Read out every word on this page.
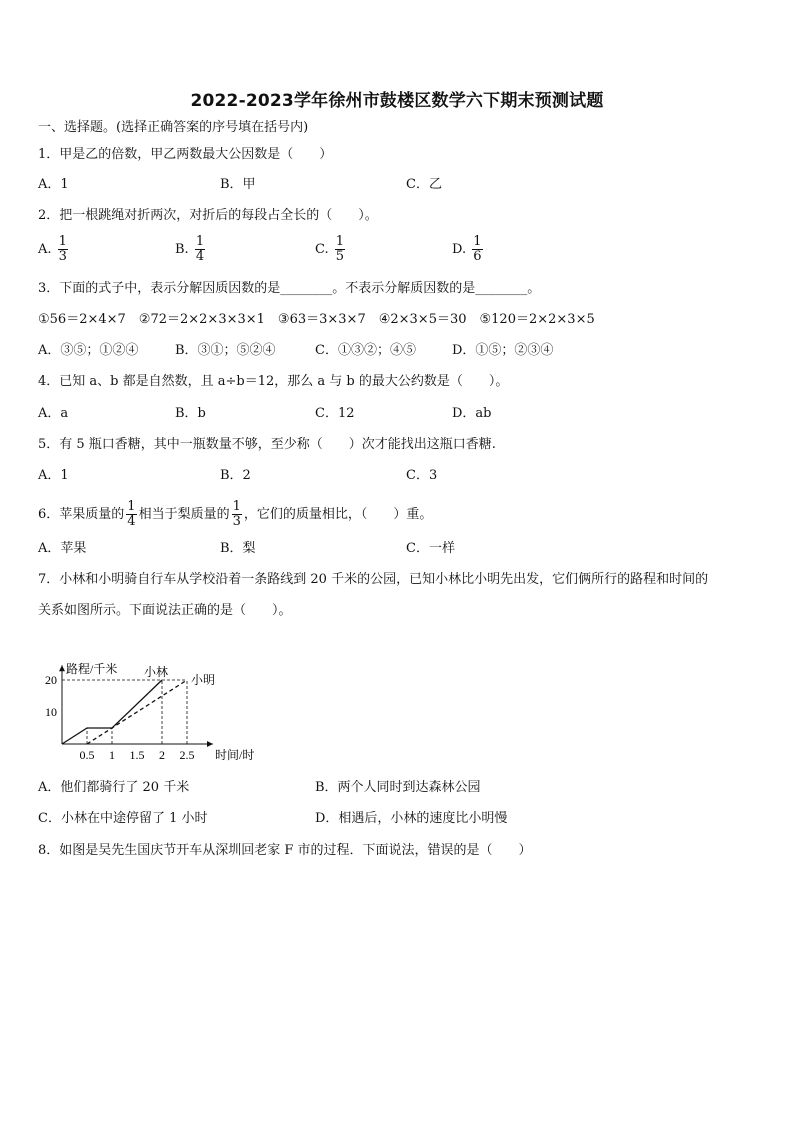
2022-2023学年徐州市鼓楼区数学六下期末预测试题
一、选择题。(选择正确答案的序号填在括号内)
1．甲是乙的倍数，甲乙两数最大公因数是（　　）
A．1	B．甲	C．乙
2．把一根跳绳对折两次，对折后的每段占全长的（　　）。
A. $\frac{1}{3}$	B. $\frac{1}{4}$	C. $\frac{1}{5}$	D. $\frac{1}{6}$
3．下面的式子中，表示分解因质因数的是________。不表示分解质因数的是________。
①56＝2×4×7　②72＝2×2×3×3×1　③63＝3×3×7　④2×3×5＝30　⑤120＝2×2×3×5
A．③⑤；①②④	B．③①；⑤②④	C．①③②；④⑤	D．①⑤；②③④
4．已知 a、b 都是自然数，且 a÷b＝12，那么 a 与 b 的最大公约数是（　　）。
A．a	B．b	C．12	D．ab
5．有 5 瓶口香糖，其中一瓶数量不够，至少称（　　）次才能找出这瓶口香糖.
A．1	B．2	C．3
6．苹果质量的 $\frac{1}{4}$ 相当于梨质量的 $\frac{1}{3}$ ，它们的质量相比，（　　）重。
A．苹果	B．梨	C．一样
7．小林和小明骑自行车从学校沿着一条路线到 20 千米的公园，已知小林比小明先出发，它们俩所行的路程和时间的
关系如图所示。下面说法正确的是（　　）。
路程/千米
时间/时
0.5 1 1.5 2 2.5
10
20
小林
小明
A．他们都骑行了 20 千米	B．两个人同时到达森林公园
C．小林在中途停留了 1 小时	D．相遇后，小林的速度比小明慢
8．如图是吴先生国庆节开车从深圳回老家 F 市的过程．下面说法，错误的是（　　）
